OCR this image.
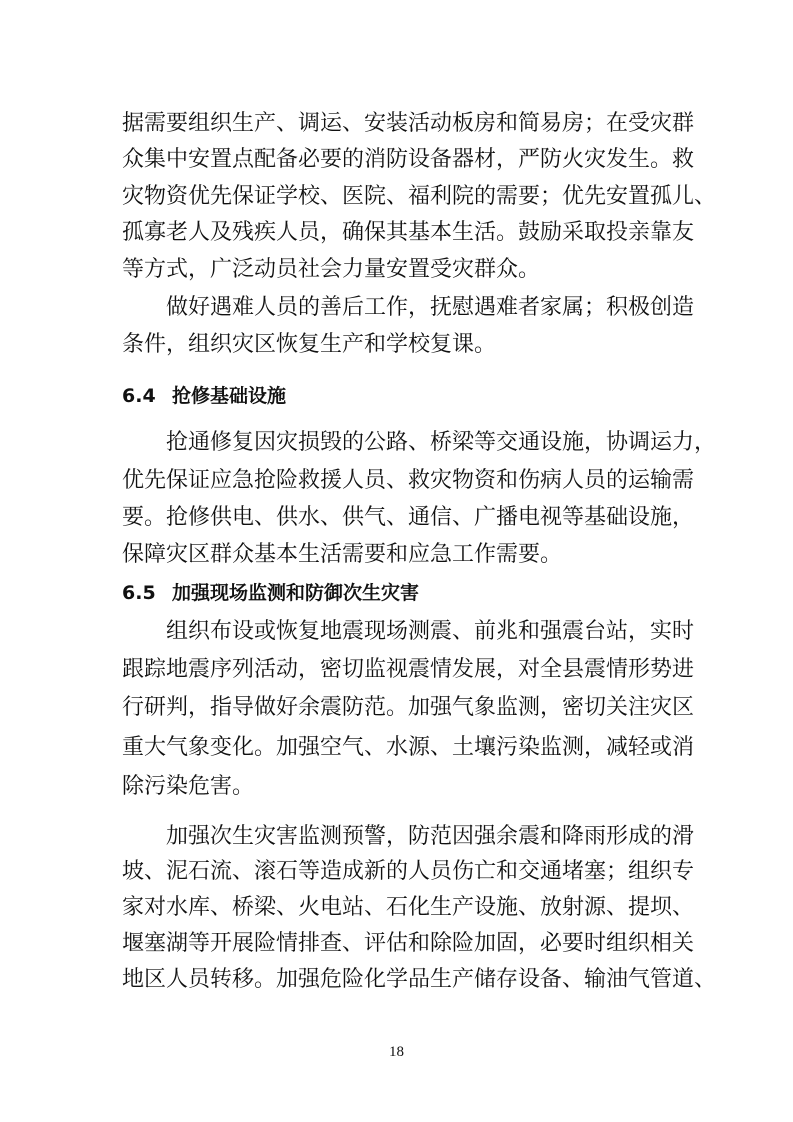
据需要组织生产、调运、安装活动板房和简易房；在受灾群
众集中安置点配备必要的消防设备器材，严防火灾发生。救
灾物资优先保证学校、医院、福利院的需要；优先安置孤儿、
孤寡老人及残疾人员，确保其基本生活。鼓励采取投亲靠友
等方式，广泛动员社会力量安置受灾群众。
做好遇难人员的善后工作，抚慰遇难者家属；积极创造
条件，组织灾区恢复生产和学校复课。
6.4 抢修基础设施
抢通修复因灾损毁的公路、桥梁等交通设施，协调运力，
优先保证应急抢险救援人员、救灾物资和伤病人员的运输需
要。抢修供电、供水、供气、通信、广播电视等基础设施，
保障灾区群众基本生活需要和应急工作需要。
6.5 加强现场监测和防御次生灾害
组织布设或恢复地震现场测震、前兆和强震台站，实时
跟踪地震序列活动，密切监视震情发展，对全县震情形势进
行研判，指导做好余震防范。加强气象监测，密切关注灾区
重大气象变化。加强空气、水源、土壤污染监测，减轻或消
除污染危害。
加强次生灾害监测预警，防范因强余震和降雨形成的滑
坡、泥石流、滚石等造成新的人员伤亡和交通堵塞；组织专
家对水库、桥梁、火电站、石化生产设施、放射源、提坝、
堰塞湖等开展险情排查、评估和除险加固，必要时组织相关
地区人员转移。加强危险化学品生产储存设备、输油气管道、
18
